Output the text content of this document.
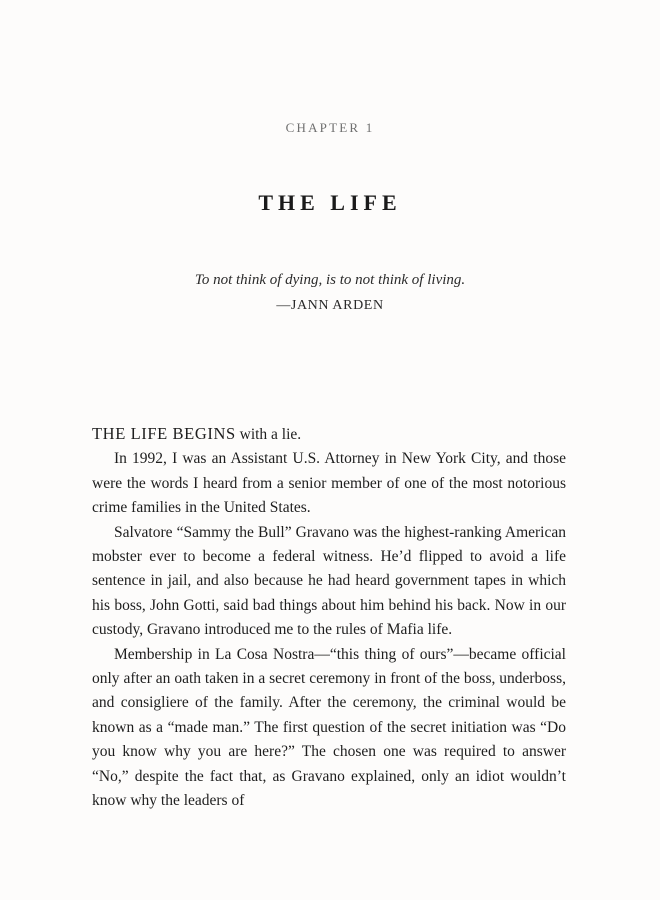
CHAPTER 1
THE LIFE
To not think of dying, is to not think of living.
—JANN ARDEN

THE LIFE BEGINS with a lie.

In 1992, I was an Assistant U.S. Attorney in New York City, and those were the words I heard from a senior member of one of the most notorious crime families in the United States.

Salvatore “Sammy the Bull” Gravano was the highest-ranking American mobster ever to become a federal witness. He’d flipped to avoid a life sentence in jail, and also because he had heard government tapes in which his boss, John Gotti, said bad things about him behind his back. Now in our custody, Gravano introduced me to the rules of Mafia life.

Membership in La Cosa Nostra—“this thing of ours”—became official only after an oath taken in a secret ceremony in front of the boss, underboss, and consigliere of the family. After the ceremony, the criminal would be known as a “made man.” The first question of the secret initiation was “Do you know why you are here?” The chosen one was required to answer “No,” despite the fact that, as Gravano explained, only an idiot wouldn’t know why the leaders of
